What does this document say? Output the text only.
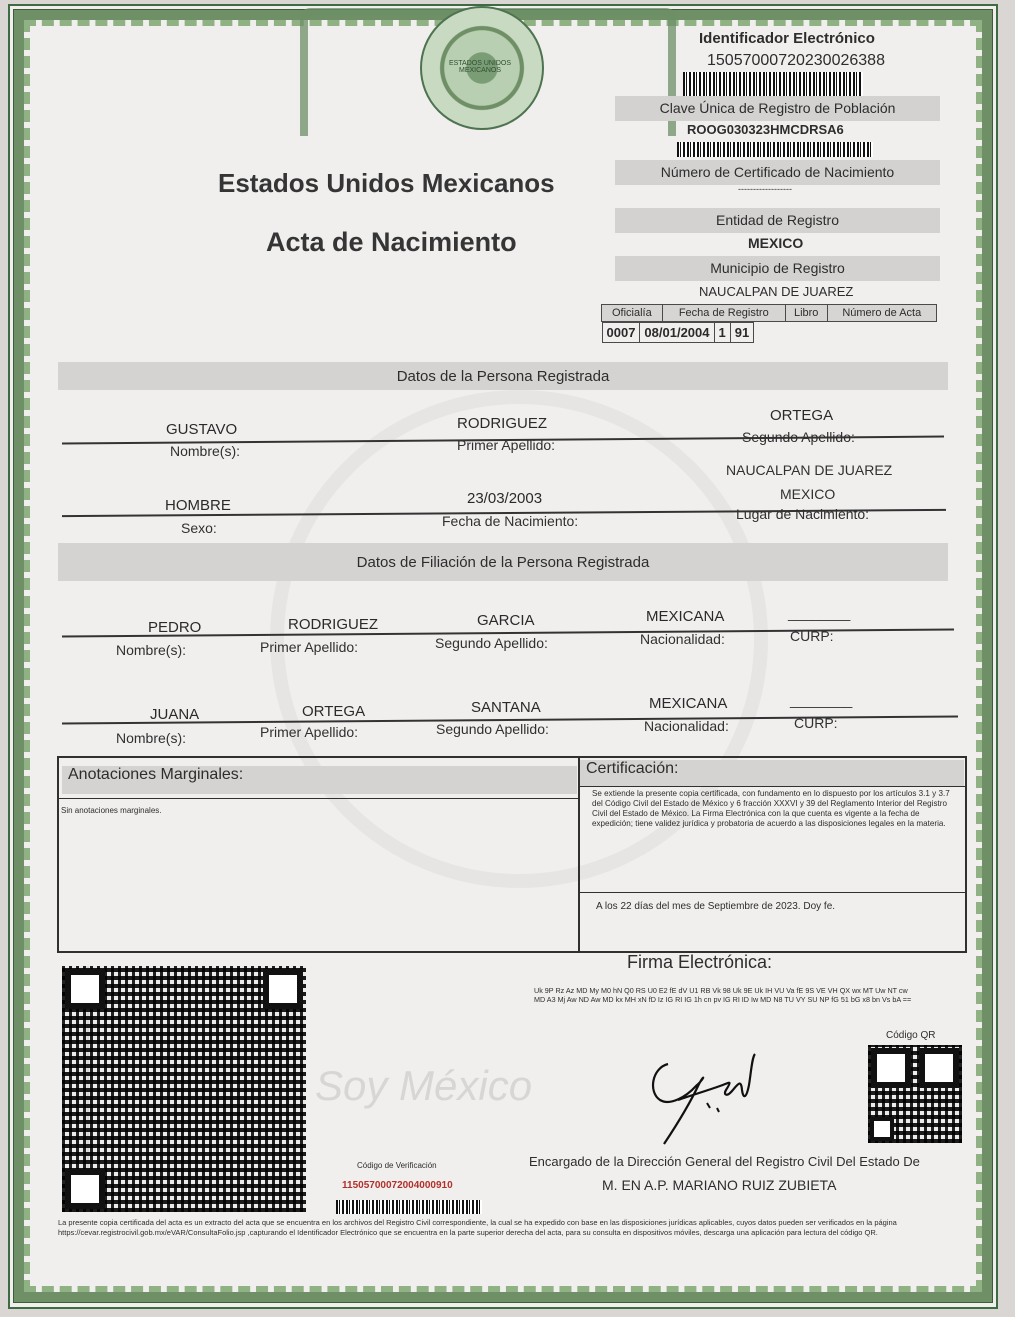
ESTADOS UNIDOS MEXICANOS
Soy México
Estados Unidos Mexicanos
Acta de Nacimiento
Identificador Electrónico
15057000720230026388
Clave Única de Registro de Población
ROOG030323HMCDRSA6
Número de Certificado de Nacimiento
------------------
Entidad de Registro
MEXICO
Municipio de Registro
NAUCALPAN DE JUAREZ
Oficialía	Fecha de Registro	Libro	Número de Acta

0007	08/01/2004	1	91
Datos de la Persona Registrada
GUSTAVO	RODRIGUEZ	ORTEGA
Nombre(s):	Primer Apellido:	Segundo Apellido:
HOMBRE	23/03/2003
NAUCALPAN DE JUAREZ
MEXICO
Sexo:	Fecha de Nacimiento:	Lugar de Nacimiento:
Datos de Filiación de la Persona Registrada
PEDRO	RODRIGUEZ	GARCIA	MEXICANA	________
Nombre(s):	Primer Apellido:	Segundo Apellido:	Nacionalidad:	CURP:
JUANA	ORTEGA	SANTANA	MEXICANA	________
Nombre(s):	Primer Apellido:	Segundo Apellido:	Nacionalidad:	CURP:
Anotaciones Marginales:
Sin anotaciones marginales.
Certificación:
Se extiende la presente copia certificada, con fundamento en lo dispuesto por los artículos 3.1 y 3.7 del Código Civil del Estado de México y 6 fracción XXXVI y 39 del Reglamento Interior del Registro Civil del Estado de México. La Firma Electrónica con la que cuenta es vigente a la fecha de expedición; tiene validez jurídica y probatoria de acuerdo a las disposiciones legales en la materia.
A los 22 días del mes de Septiembre de 2023. Doy fe.
Firma Electrónica:
Uk 9P Rz Az MD My M0 hN Q0 RS U0 E2 fE dV U1 RB Vk 98 Uk 9E Uk IH VU Va fE 9S VE VH QX wx MT Uw NT cw MD A3 Mj Aw ND Aw MD kx MH xN fD Iz IG RI IG 1h cn pv IG RI ID Iw MD N8 TU VY SU NP fG 51 bG x8 bn Vs bA ==
Código QR
Código de Verificación
11505700072004000910
Encargado de la Dirección General del Registro Civil Del Estado De
M. EN A.P. MARIANO RUIZ ZUBIETA
La presente copia certificada del acta es un extracto del acta que se encuentra en los archivos del Registro Civil correspondiente, la cual se ha expedido con base en las disposiciones jurídicas aplicables, cuyos datos pueden ser verificados en la página https://cevar.registrocivil.gob.mx/eVAR/ConsultaFolio.jsp ,capturando el Identificador Electrónico que se encuentra en la parte superior derecha del acta, para su consulta en dispositivos móviles, descarga una aplicación para lectura del código QR.
